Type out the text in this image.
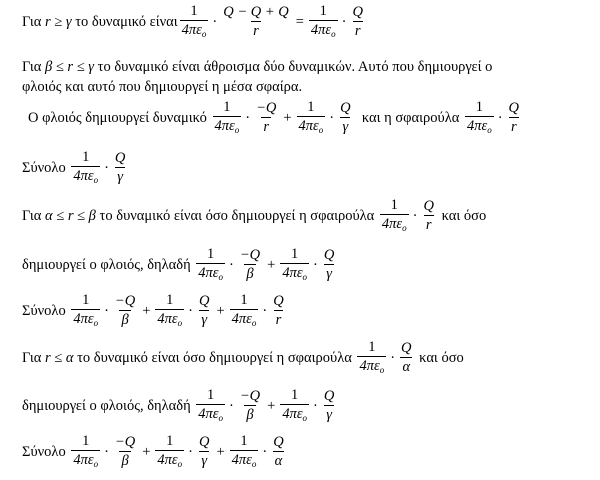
Για
r ≥ γ
το δυναμικό είναι $\frac{1}{4\pi\varepsilon_o} \cdot \frac{Q - Q + Q}{r} = \frac{1}{4\pi\varepsilon_o} \cdot \frac{Q}{r}$
Για β ≤ r ≤ γ το δυναμικό είναι άθροισμα δύο δυναμικών. Αυτό που δημιουργεί ο
φλοιός και αυτό που δημιουργεί η μέσα σφαίρα.
Ο φλοιός δημιουργεί δυναμικό
$\frac{1}{4\pi\varepsilon_o} \cdot \frac{-Q}{r} + \frac{1}{4\pi\varepsilon_o} \cdot \frac{Q}{\gamma}$
και η σφαιρούλα
$\frac{1}{4\pi\varepsilon_o} \cdot \frac{Q}{r}$
Σύνολο
$\frac{1}{4\pi\varepsilon_o} \cdot \frac{Q}{\gamma}$
Για
α ≤ r ≤ β
το δυναμικό είναι όσο δημιουργεί η σφαιρούλα
$\frac{1}{4\pi\varepsilon_o} \cdot \frac{Q}{r}$
και όσο
δημιουργεί ο φλοιός, δηλαδή
$\frac{1}{4\pi\varepsilon_o} \cdot \frac{-Q}{\beta} + \frac{1}{4\pi\varepsilon_o} \cdot \frac{Q}{\gamma}$
Σύνολο
$\frac{1}{4\pi\varepsilon_o} \cdot \frac{-Q}{\beta} + \frac{1}{4\pi\varepsilon_o} \cdot \frac{Q}{\gamma} + \frac{1}{4\pi\varepsilon_o} \cdot \frac{Q}{r}$
Για
r ≤ α
το δυναμικό είναι όσο δημιουργεί η σφαιρούλα
$\frac{1}{4\pi\varepsilon_o} \cdot \frac{Q}{\alpha}$
και όσο
δημιουργεί ο φλοιός, δηλαδή
$\frac{1}{4\pi\varepsilon_o} \cdot \frac{-Q}{\beta} + \frac{1}{4\pi\varepsilon_o} \cdot \frac{Q}{\gamma}$
Σύνολο
$\frac{1}{4\pi\varepsilon_o} \cdot \frac{-Q}{\beta} + \frac{1}{4\pi\varepsilon_o} \cdot \frac{Q}{\gamma} + \frac{1}{4\pi\varepsilon_o} \cdot \frac{Q}{\alpha}$
